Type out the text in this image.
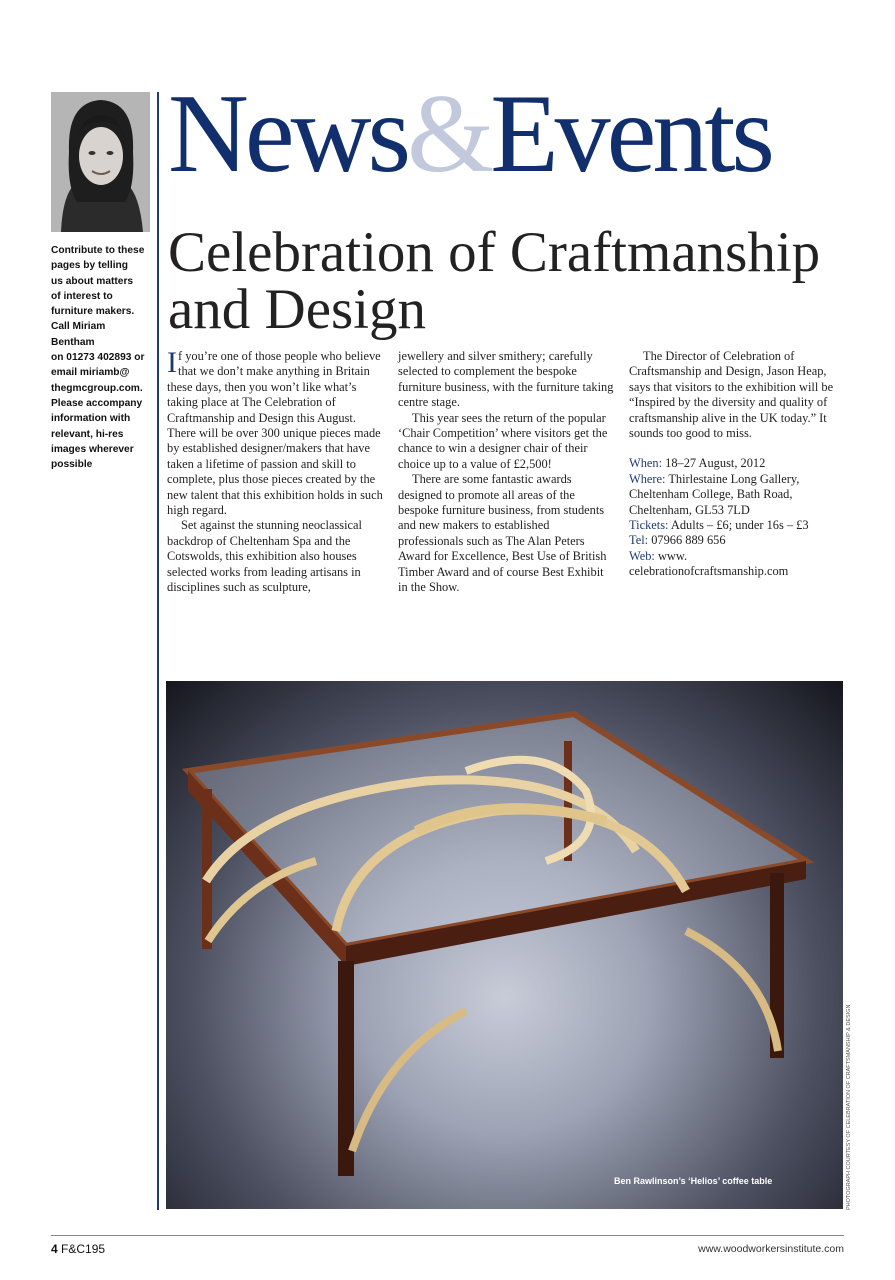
Contribute to these
pages by telling
us about matters
of interest to
furniture makers.
Call Miriam Bentham
on 01273 402893 or
email miriamb@
thegmcgroup.com.
Please accompany
information with
relevant, hi-res
images wherever
possible
News&Events
Celebration of Craftmanship and Design

If you’re one of those people who believe that we don’t make anything in Britain these days, then you won’t like what’s taking place at The Celebration of Craftmanship and Design this August. There will be over 300 unique pieces made by established designer/makers that have taken a lifetime of passion and skill to complete, plus those pieces created by the new talent that this exhibition holds in such high regard.

Set against the stunning neoclassical backdrop of Cheltenham Spa and the Cotswolds, this exhibition also houses selected works from leading artisans in disciplines such as sculpture,

jewellery and silver smithery; carefully selected to complement the bespoke furniture business, with the furniture taking centre stage.

This year sees the return of the popular ‘Chair Competition’ where visitors get the chance to win a designer chair of their choice up to a value of £2,500!

There are some fantastic awards designed to promote all areas of the bespoke furniture business, from students and new makers to established professionals such as The Alan Peters Award for Excellence, Best Use of British Timber Award and of course Best Exhibit in the Show.

The Director of Celebration of Craftsmanship and Design, Jason Heap, says that visitors to the exhibition will be “Inspired by the diversity and quality of craftsmanship alive in the UK today.” It sounds too good to miss.

When: 18–27 August, 2012
Where: Thirlestaine Long Gallery, Cheltenham College, Bath Road, Cheltenham, GL53 7LD
Tickets: Adults – £6; under 16s – £3
Tel: 07966 889 656
Web: www. celebrationofcraftsmanship.com
Ben Rawlinson’s ‘Helios’ coffee table	PHOTOGRAPH COURTESY OF CELEBRATION OF CRAFTSMANSHIP & DESIGN
4 F&C195	www.woodworkersinstitute.com
